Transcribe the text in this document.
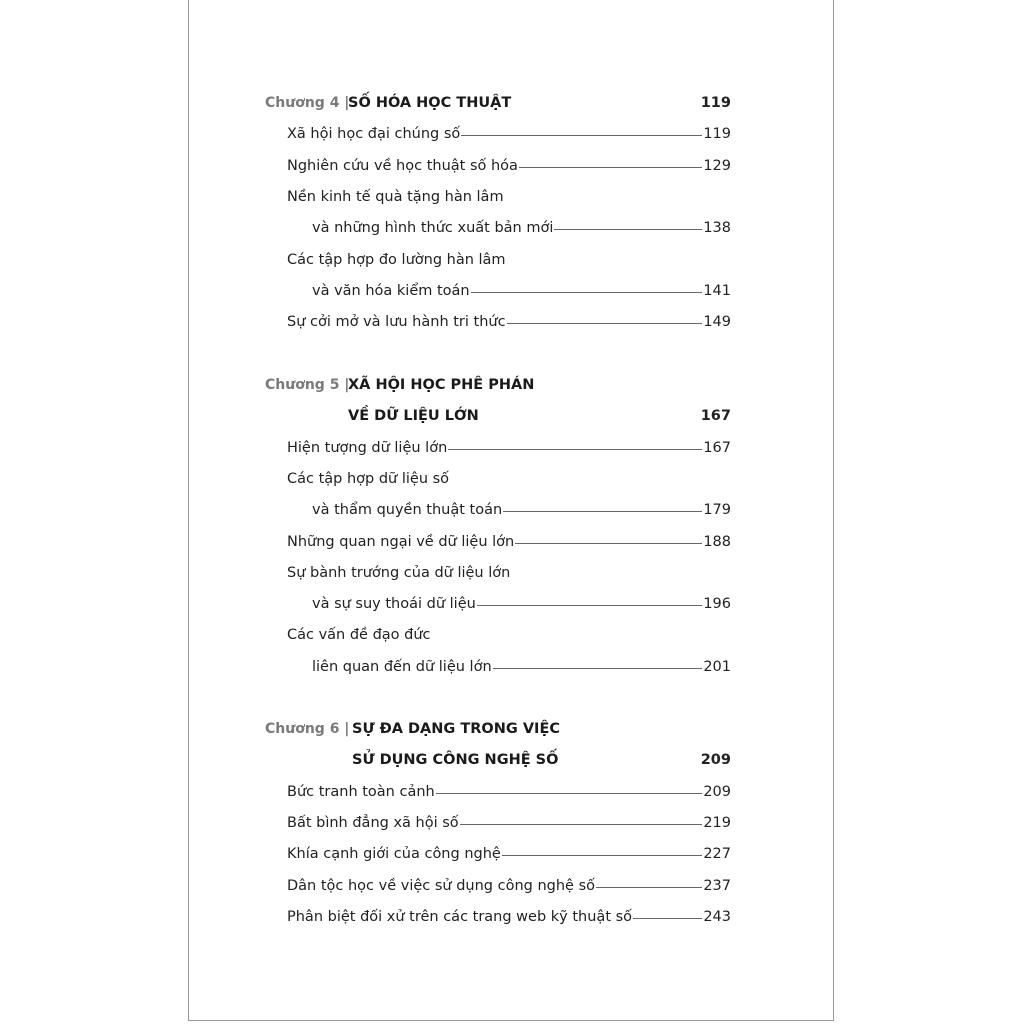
Chương 4 |
SỐ HÓA HỌC THUẬT	119
Xã hội học đại chúng số	119
Nghiên cứu về học thuật số hóa	129
Nền kinh tế quà tặng hàn lâm
và những hình thức xuất bản mới	138
Các tập hợp đo lường hàn lâm
và văn hóa kiểm toán	141
Sự cởi mở và lưu hành tri thức	149
Chương 5 |
XÃ HỘI HỌC PHÊ PHÁN
VỀ DỮ LIỆU LỚN	167
Hiện tượng dữ liệu lớn	167
Các tập hợp dữ liệu số
và thẩm quyền thuật toán	179
Những quan ngại về dữ liệu lớn	188
Sự bành trướng của dữ liệu lớn
và sự suy thoái dữ liệu	196
Các vấn đề đạo đức
liên quan đến dữ liệu lớn	201
Chương 6 | SỰ ĐA DẠNG TRONG VIỆC
SỬ DỤNG CÔNG NGHỆ SỐ	209
Bức tranh toàn cảnh	209
Bất bình đẳng xã hội số	219
Khía cạnh giới của công nghệ	227
Dân tộc học về việc sử dụng công nghệ số	237
Phân biệt đối xử trên các trang web kỹ thuật số	243
